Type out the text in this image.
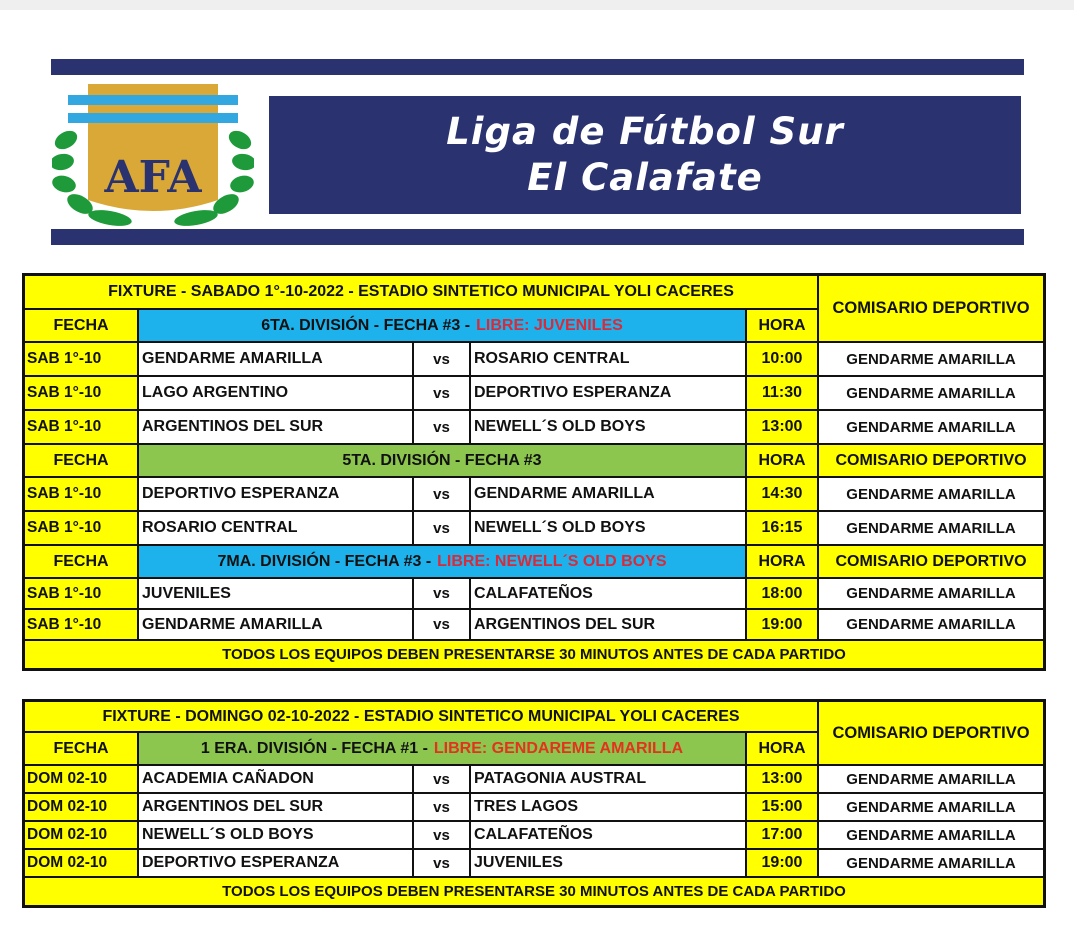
AFA
Liga de Fútbol Sur
El Calafate
FIXTURE - SABADO 1°-10-2022 - ESTADIO SINTETICO MUNICIPAL YOLI CACERES
COMISARIO DEPORTIVO
FECHA	6TA. DIVISIÓN - FECHA #3 - LIBRE: JUVENILES	HORA
SAB 1°-10	GENDARME AMARILLA	vs	ROSARIO CENTRAL	10:00	GENDARME AMARILLA
SAB 1°-10	LAGO ARGENTINO	vs	DEPORTIVO ESPERANZA	11:30	GENDARME AMARILLA
SAB 1°-10	ARGENTINOS DEL SUR	vs	NEWELL´S OLD BOYS	13:00	GENDARME AMARILLA
FECHA	5TA. DIVISIÓN - FECHA #3	HORA	COMISARIO DEPORTIVO
SAB 1°-10	DEPORTIVO ESPERANZA	vs	GENDARME AMARILLA	14:30	GENDARME AMARILLA
SAB 1°-10	ROSARIO CENTRAL	vs	NEWELL´S OLD BOYS	16:15	GENDARME AMARILLA
FECHA	7MA. DIVISIÓN - FECHA #3 - LIBRE: NEWELL´S OLD BOYS	HORA	COMISARIO DEPORTIVO
SAB 1°-10	JUVENILES	vs	CALAFATEÑOS	18:00	GENDARME AMARILLA
SAB 1°-10	GENDARME AMARILLA	vs	ARGENTINOS DEL SUR	19:00	GENDARME AMARILLA
TODOS LOS EQUIPOS DEBEN PRESENTARSE 30 MINUTOS ANTES DE CADA PARTIDO
FIXTURE - DOMINGO 02-10-2022 - ESTADIO SINTETICO MUNICIPAL YOLI CACERES
COMISARIO DEPORTIVO
FECHA	1 ERA. DIVISIÓN - FECHA #1 - LIBRE: GENDAREME AMARILLA	HORA
DOM 02-10	ACADEMIA CAÑADON	vs	PATAGONIA AUSTRAL	13:00	GENDARME AMARILLA
DOM 02-10	ARGENTINOS DEL SUR	vs	TRES LAGOS	15:00	GENDARME AMARILLA
DOM 02-10	NEWELL´S OLD BOYS	vs	CALAFATEÑOS	17:00	GENDARME AMARILLA
DOM 02-10	DEPORTIVO ESPERANZA	vs	JUVENILES	19:00	GENDARME AMARILLA
TODOS LOS EQUIPOS DEBEN PRESENTARSE 30 MINUTOS ANTES DE CADA PARTIDO
